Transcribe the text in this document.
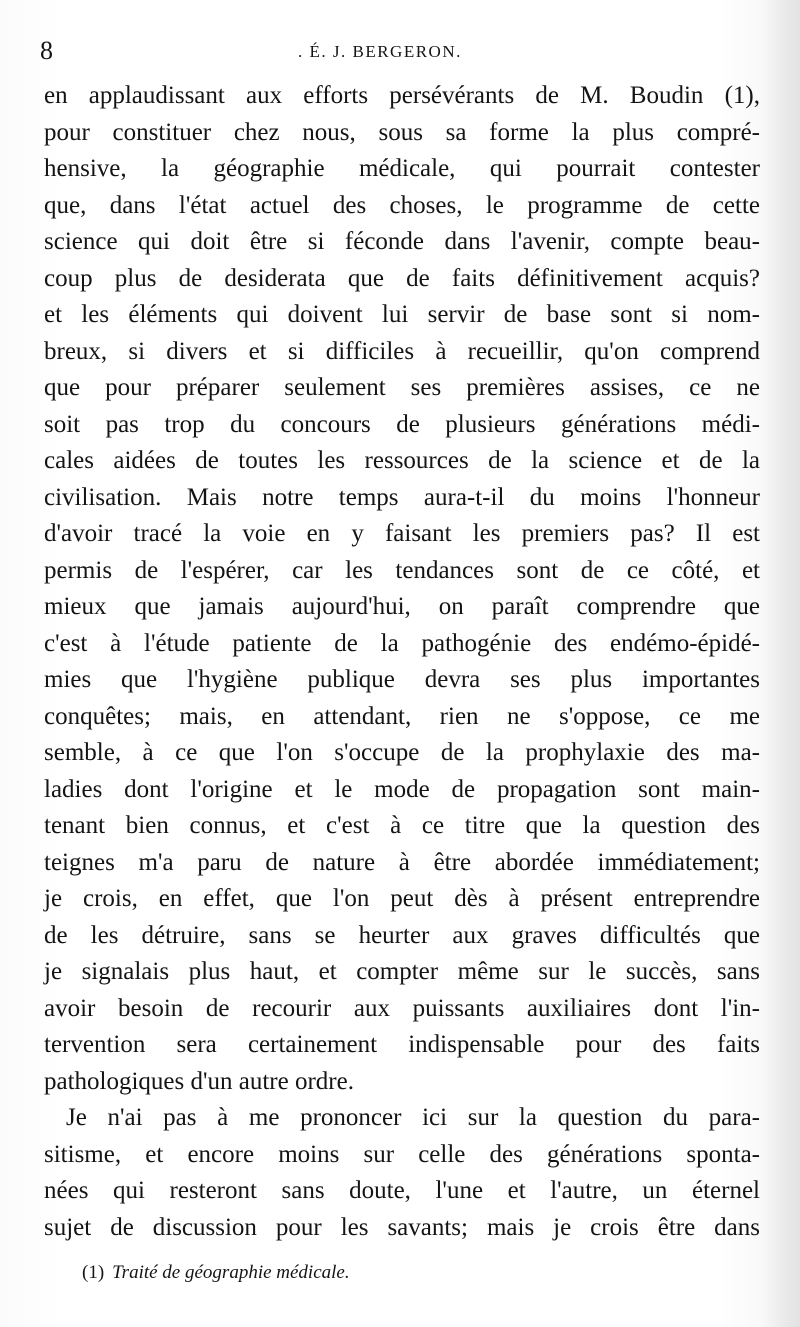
8	. É. J. BERGERON.
en applaudissant aux efforts persévérants de M. Boudin (1),
pour constituer chez nous, sous sa forme la plus compré-
hensive, la géographie médicale, qui pourrait contester
que, dans l'état actuel des choses, le programme de cette
science qui doit être si féconde dans l'avenir, compte beau-
coup plus de desiderata que de faits définitivement acquis?
et les éléments qui doivent lui servir de base sont si nom-
breux, si divers et si difficiles à recueillir, qu'on comprend
que pour préparer seulement ses premières assises, ce ne
soit pas trop du concours de plusieurs générations médi-
cales aidées de toutes les ressources de la science et de la
civilisation. Mais notre temps aura-t-il du moins l'honneur
d'avoir tracé la voie en y faisant les premiers pas? Il est
permis de l'espérer, car les tendances sont de ce côté, et
mieux que jamais aujourd'hui, on paraît comprendre que
c'est à l'étude patiente de la pathogénie des endémo-épidé-
mies que l'hygiène publique devra ses plus importantes
conquêtes; mais, en attendant, rien ne s'oppose, ce me
semble, à ce que l'on s'occupe de la prophylaxie des ma-
ladies dont l'origine et le mode de propagation sont main-
tenant bien connus, et c'est à ce titre que la question des
teignes m'a paru de nature à être abordée immédiatement;
je crois, en effet, que l'on peut dès à présent entreprendre
de les détruire, sans se heurter aux graves difficultés que
je signalais plus haut, et compter même sur le succès, sans
avoir besoin de recourir aux puissants auxiliaires dont l'in-
tervention sera certainement indispensable pour des faits
pathologiques d'un autre ordre.
Je n'ai pas à me prononcer ici sur la question du para-
sitisme, et encore moins sur celle des générations sponta-
nées qui resteront sans doute, l'une et l'autre, un éternel
sujet de discussion pour les savants; mais je crois être dans
(1) Traité de géographie médicale.
